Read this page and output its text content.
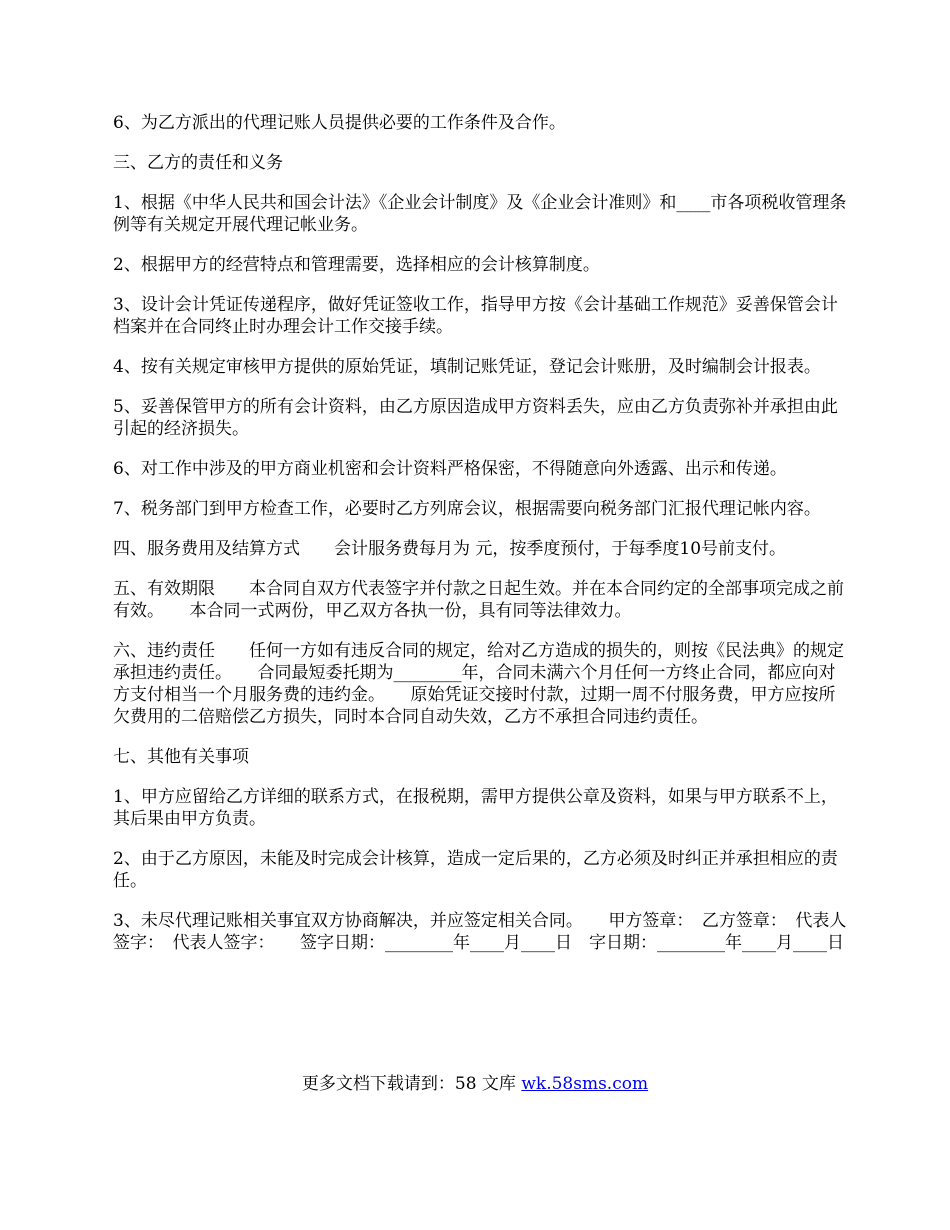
6、为乙方派出的代理记账人员提供必要的工作条件及合作。

三、乙方的责任和义务

1、根据《中华人民共和国会计法》《企业会计制度》及《企业会计准则》和____市各项税收管理条例等有关规定开展代理记帐业务。

2、根据甲方的经营特点和管理需要，选择相应的会计核算制度。

3、设计会计凭证传递程序，做好凭证签收工作，指导甲方按《会计基础工作规范》妥善保管会计档案并在合同终止时办理会计工作交接手续。

4、按有关规定审核甲方提供的原始凭证，填制记账凭证，登记会计账册，及时编制会计报表。

5、妥善保管甲方的所有会计资料，由乙方原因造成甲方资料丢失，应由乙方负责弥补并承担由此引起的经济损失。

6、对工作中涉及的甲方商业机密和会计资料严格保密，不得随意向外透露、出示和传递。

7、税务部门到甲方检查工作，必要时乙方列席会议，根据需要向税务部门汇报代理记帐内容。

四、服务费用及结算方式　　会计服务费每月为 元，按季度预付，于每季度10号前支付。

五、有效期限　　本合同自双方代表签字并付款之日起生效。并在本合同约定的全部事项完成之前有效。　　本合同一式两份，甲乙双方各执一份，具有同等法律效力。

六、违约责任　　任何一方如有违反合同的规定，给对乙方造成的损失的，则按《民法典》的规定承担违约责任。　　合同最短委托期为________年，合同未满六个月任何一方终止合同，都应向对方支付相当一个月服务费的违约金。　　原始凭证交接时付款，过期一周不付服务费，甲方应按所欠费用的二倍赔偿乙方损失，同时本合同自动失效，乙方不承担合同违约责任。

七、其他有关事项

1、甲方应留给乙方详细的联系方式，在报税期，需甲方提供公章及资料，如果与甲方联系不上，其后果由甲方负责。

2、由于乙方原因，未能及时完成会计核算，造成一定后果的，乙方必须及时纠正并承担相应的责任。

3、未尽代理记账相关事宜双方协商解决，并应签定相关合同。　　甲方签章：　乙方签章：　代表人签字：　代表人签字：　　签字日期：________年____月____日　字日期：________年____月____日

更多文档下载请到：58 文库 wk.58sms.com
